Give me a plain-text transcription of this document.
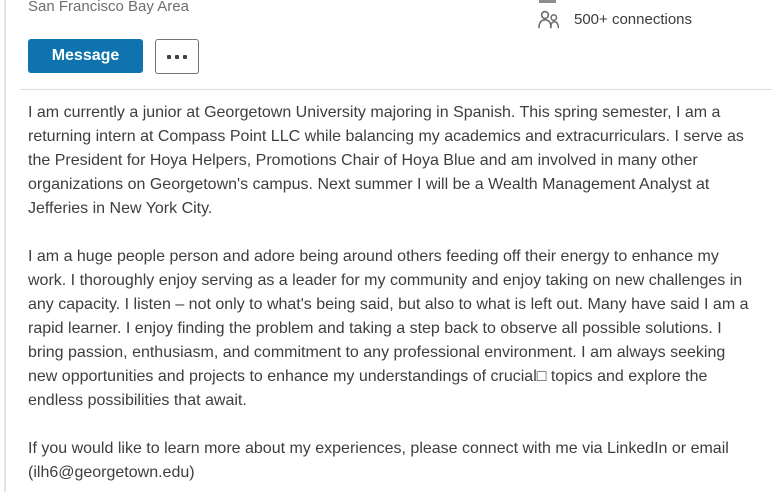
San Francisco Bay Area
Message
500+ connections

I am currently a junior at Georgetown University majoring in Spanish. This spring semester, I am a returning intern at Compass Point LLC while balancing my academics and extracurriculars. I serve as the President for Hoya Helpers, Promotions Chair of Hoya Blue and am involved in many other organizations on Georgetown's campus. Next summer I will be a Wealth Management Analyst at Jefferies in New York City.

I am a huge people person and adore being around others feeding off their energy to enhance my work. I thoroughly enjoy serving as a leader for my community and enjoy taking on new challenges in any capacity. I listen – not only to what's being said, but also to what is left out. Many have said I am a rapid learner. I enjoy finding the problem and taking a step back to observe all possible solutions. I bring passion, enthusiasm, and commitment to any professional environment. I am always seeking new opportunities and projects to enhance my understandings of crucial□ topics and explore the endless possibilities that await.

If you would like to learn more about my experiences, please connect with me via LinkedIn or email (ilh6@georgetown.edu)
